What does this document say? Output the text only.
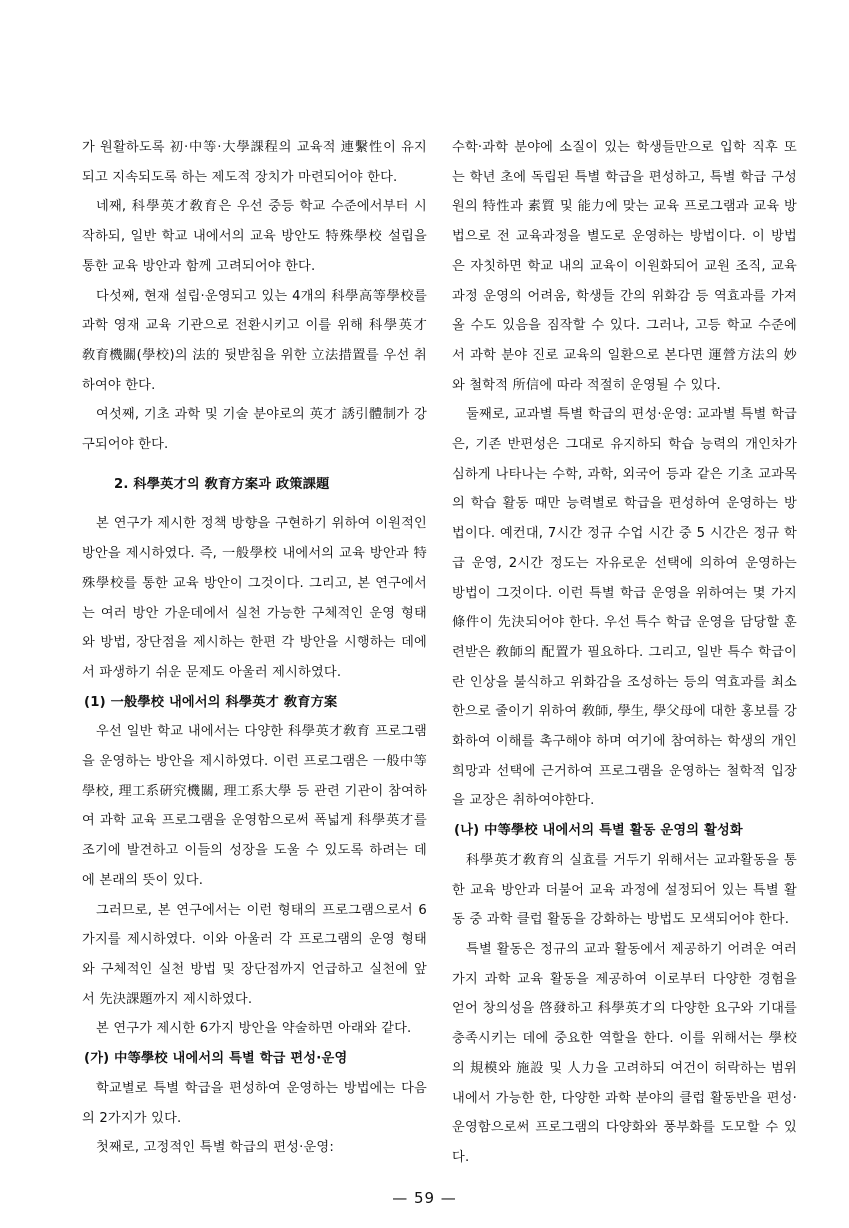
가 원활하도록 初·中等·大學課程의 교육적 連繫性이 유지되고 지속되도록 하는 제도적 장치가 마련되어야 한다.

네째, 科學英才敎育은 우선 중등 학교 수준에서부터 시작하되, 일반 학교 내에서의 교육 방안도 特殊學校 설립을 통한 교육 방안과 함께 고려되어야 한다.

다섯째, 현재 설립·운영되고 있는 4개의 科學高等學校를 과학 영재 교육 기관으로 전환시키고 이를 위해 科學英才 敎育機關(學校)의 法的 뒷받침을 위한 立法措置를 우선 취하여야 한다.

여섯째, 기초 과학 및 기술 분야로의 英才 誘引體制가 강구되어야 한다.

2. 科學英才의 敎育方案과 政策課題

본 연구가 제시한 정책 방향을 구현하기 위하여 이원적인 방안을 제시하였다. 즉, 一般學校 내에서의 교육 방안과 特殊學校를 통한 교육 방안이 그것이다. 그리고, 본 연구에서는 여러 방안 가운데에서 실천 가능한 구체적인 운영 형태와 방법, 장단점을 제시하는 한편 각 방안을 시행하는 데에서 파생하기 쉬운 문제도 아울러 제시하였다.

(1) 一般學校 내에서의 科學英才 敎育方案

우선 일반 학교 내에서는 다양한 科學英才敎育 프로그램을 운영하는 방안을 제시하였다. 이런 프로그램은 一般中等學校, 理工系硏究機關, 理工系大學 등 관련 기관이 참여하여 과학 교육 프로그램을 운영함으로써 폭넓게 科學英才를 조기에 발견하고 이들의 성장을 도울 수 있도록 하려는 데에 본래의 뜻이 있다.

그러므로, 본 연구에서는 이런 형태의 프로그램으로서 6가지를 제시하였다. 이와 아울러 각 프로그램의 운영 형태와 구체적인 실천 방법 및 장단점까지 언급하고 실천에 앞서 先決課題까지 제시하였다.

본 연구가 제시한 6가지 방안을 약술하면 아래와 같다.

(가) 中等學校 내에서의 특별 학급 편성·운영

학교별로 특별 학급을 편성하여 운영하는 방법에는 다음의 2가지가 있다.

첫째로, 고정적인 특별 학급의 편성·운영:

수학·과학 분야에 소질이 있는 학생들만으로 입학 직후 또는 학년 초에 독립된 특별 학급을 편성하고, 특별 학급 구성원의 特性과 素質 및 能力에 맞는 교육 프로그램과 교육 방법으로 전 교육과정을 별도로 운영하는 방법이다. 이 방법은 자칫하면 학교 내의 교육이 이원화되어 교원 조직, 교육 과정 운영의 어려움, 학생들 간의 위화감 등 역효과를 가져올 수도 있음을 짐작할 수 있다. 그러나, 고등 학교 수준에서 과학 분야 진로 교육의 일환으로 본다면 運營方法의 妙와 철학적 所信에 따라 적절히 운영될 수 있다.

둘째로, 교과별 특별 학급의 편성·운영: 교과별 특별 학급은, 기존 반편성은 그대로 유지하되 학습 능력의 개인차가 심하게 나타나는 수학, 과학, 외국어 등과 같은 기초 교과목의 학습 활동 때만 능력별로 학급을 편성하여 운영하는 방법이다. 예컨대, 7시간 정규 수업 시간 중 5 시간은 정규 학급 운영, 2시간 정도는 자유로운 선택에 의하여 운영하는 방법이 그것이다. 이런 특별 학급 운영을 위하여는 몇 가지 條件이 先決되어야 한다. 우선 특수 학급 운영을 담당할 훈련받은 敎師의 配置가 필요하다. 그리고, 일반 특수 학급이란 인상을 불식하고 위화감을 조성하는 등의 역효과를 최소한으로 줄이기 위하여 敎師, 學生, 學父母에 대한 홍보를 강화하여 이해를 촉구해야 하며 여기에 참여하는 학생의 개인 희망과 선택에 근거하여 프로그램을 운영하는 철학적 입장을 교장은 취하여야한다.

(나) 中等學校 내에서의 특별 활동 운영의 활성화

科學英才敎育의 실효를 거두기 위해서는 교과활동을 통한 교육 방안과 더불어 교육 과정에 설정되어 있는 특별 활동 중 과학 클럽 활동을 강화하는 방법도 모색되어야 한다.

특별 활동은 정규의 교과 활동에서 제공하기 어려운 여러 가지 과학 교육 활동을 제공하여 이로부터 다양한 경험을 얻어 창의성을 啓發하고 科學英才의 다양한 요구와 기대를 충족시키는 데에 중요한 역할을 한다. 이를 위해서는 學校의 規模와 施設 및 人力을 고려하되 여건이 허락하는 범위 내에서 가능한 한, 다양한 과학 분야의 클럽 활동반을 편성·운영함으로써 프로그램의 다양화와 풍부화를 도모할 수 있다.

— 59 —
